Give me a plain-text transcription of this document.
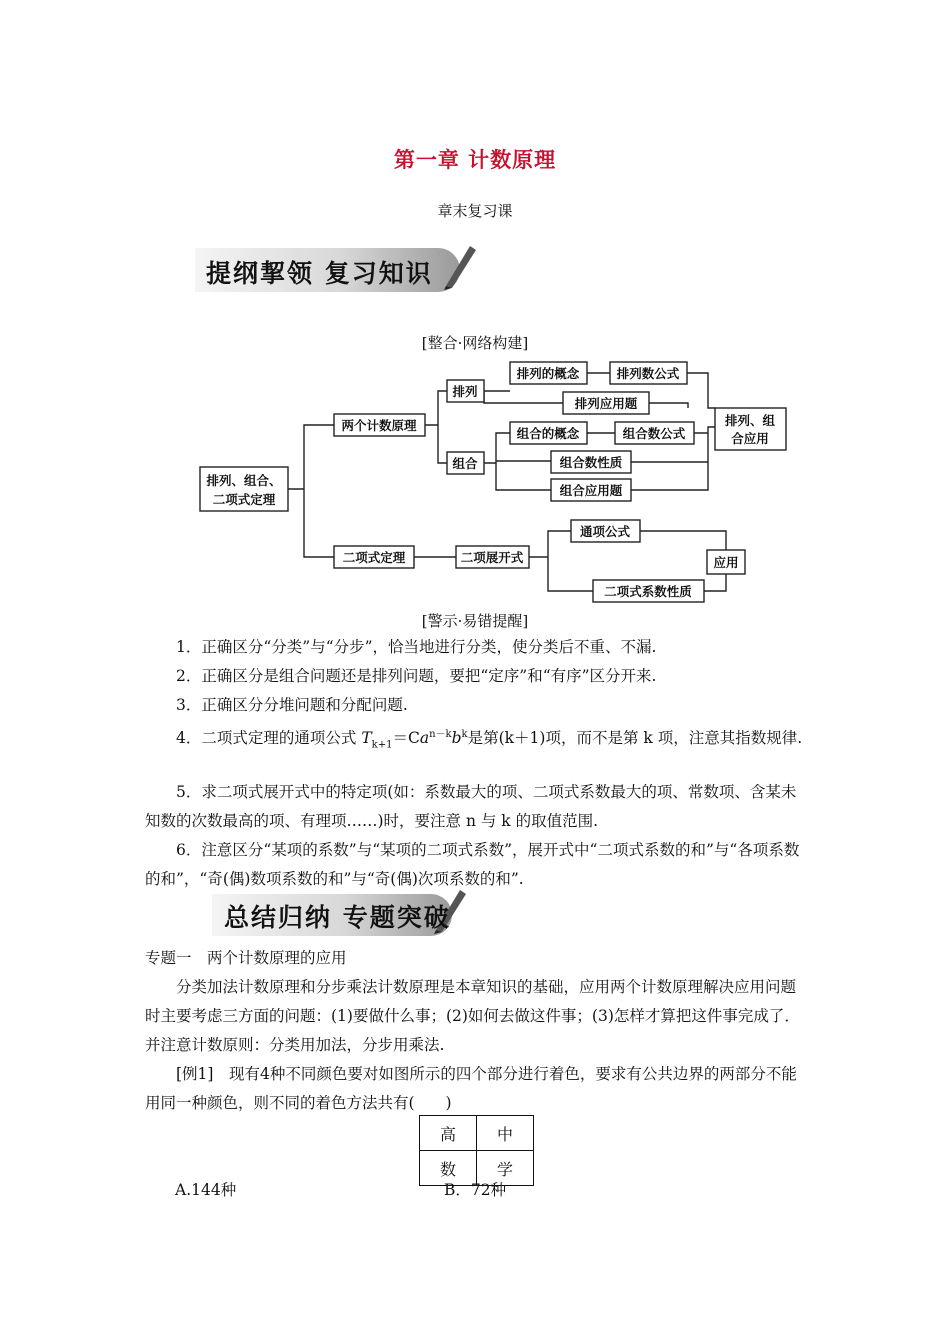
第一章 计数原理
章末复习课
提纲挈领 复习知识
[整合·网络构建]
排列、组合、
二项式定理
两个计数原理
排列
排列的概念	排列数公式
排列应用题
排列、组
合应用
组合
组合的概念	组合数公式
组合数性质
组合应用题
二项式定理	二项展开式
通项公式
应用
二项式系数性质
[警示·易错提醒]
1．正确区分“分类”与“分步”，恰当地进行分类，使分类后不重、不漏.
2．正确区分是组合问题还是排列问题，要把“定序”和“有序”区分开来.
3．正确区分分堆问题和分配问题.
4．二项式定理的通项公式 $T_{k+1}=Ca^{n-k}b^k$是第(k＋1)项，而不是第 k 项，注意其指数规律.
5．求二项式展开式中的特定项(如：系数最大的项、二项式系数最大的项、常数项、含某未知数的次数最高的项、有理项……)时，要注意 n 与 k 的取值范围.
6．注意区分“某项的系数”与“某项的二项式系数”，展开式中“二项式系数的和”与“各项系数的和”，“奇(偶)数项系数的和”与“奇(偶)次项系数的和”.
总结归纳 专题突破
专题一　两个计数原理的应用
分类加法计数原理和分步乘法计数原理是本章知识的基础，应用两个计数原理解决应用问题时主要考虑三方面的问题：(1)要做什么事；(2)如何去做这件事；(3)怎样才算把这件事完成了．并注意计数原则：分类用加法，分步用乘法.
[例1]　现有4种不同颜色要对如图所示的四个部分进行着色，要求有公共边界的两部分不能用同一种颜色，则不同的着色方法共有(　　)
高	中
数	学
A.144种	B．72种
